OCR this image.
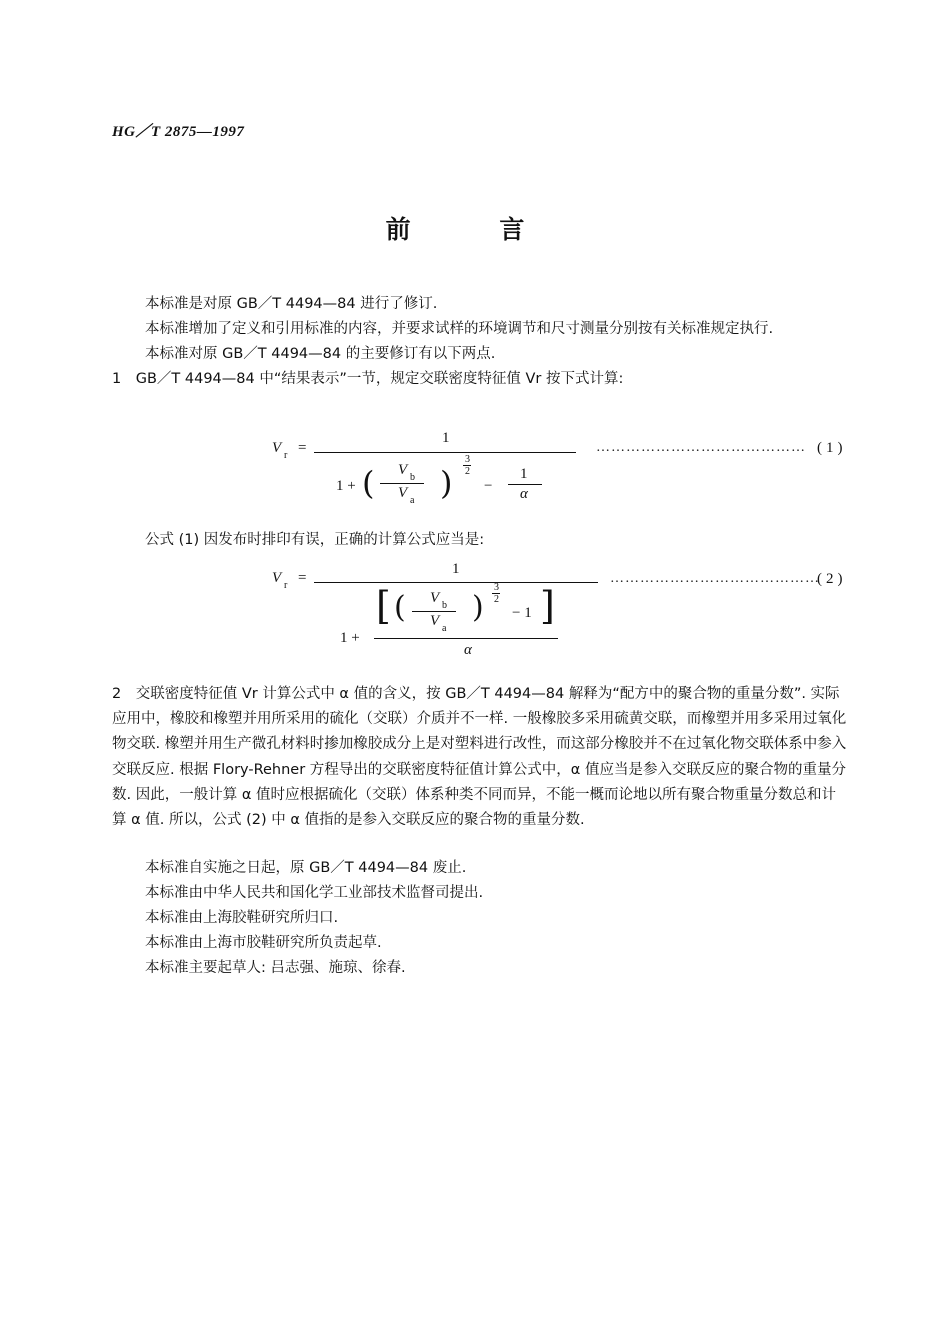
HG／T 2875—1997
前 言

本标准是对原 GB／T 4494—84 进行了修订.

本标准增加了定义和引用标准的内容，并要求试样的环境调节和尺寸测量分别按有关标准规定执行.

本标准对原 GB／T 4494—84 的主要修订有以下两点.

1　GB／T 4494—84 中“结果表示”一节，规定交联密度特征值 Vr 按下式计算:

V r =
1
1 + ( V b
V a )
3
2
−
1
α
…………………………………… (1)
公式 (1) 因发布时排印有误，正确的计算公式应当是:
V r =
1
1 +
[ ( V b
V a
)
3
2
− 1 ]
α
……………………………………
(2)
2　交联密度特征值 Vr 计算公式中 α 值的含义，按 GB／T 4494—84 解释为“配方中的聚合物的重量分数”. 实际应用中，橡胶和橡塑并用所采用的硫化（交联）介质并不一样. 一般橡胶多采用硫黄交联，而橡塑并用多采用过氧化物交联. 橡塑并用生产微孔材料时掺加橡胶成分上是对塑料进行改性，而这部分橡胶并不在过氧化物交联体系中参入交联反应. 根据 Flory-Rehner 方程导出的交联密度特征值计算公式中，α 值应当是参入交联反应的聚合物的重量分数. 因此，一般计算 α 值时应根据硫化（交联）体系种类不同而异，不能一概而论地以所有聚合物重量分数总和计算 α 值. 所以，公式 (2) 中 α 值指的是参入交联反应的聚合物的重量分数.

本标准自实施之日起，原 GB／T 4494—84 废止.

本标准由中华人民共和国化学工业部技术监督司提出.

本标准由上海胶鞋研究所归口.

本标准由上海市胶鞋研究所负责起草.

本标准主要起草人: 吕志强、施琼、徐春.
